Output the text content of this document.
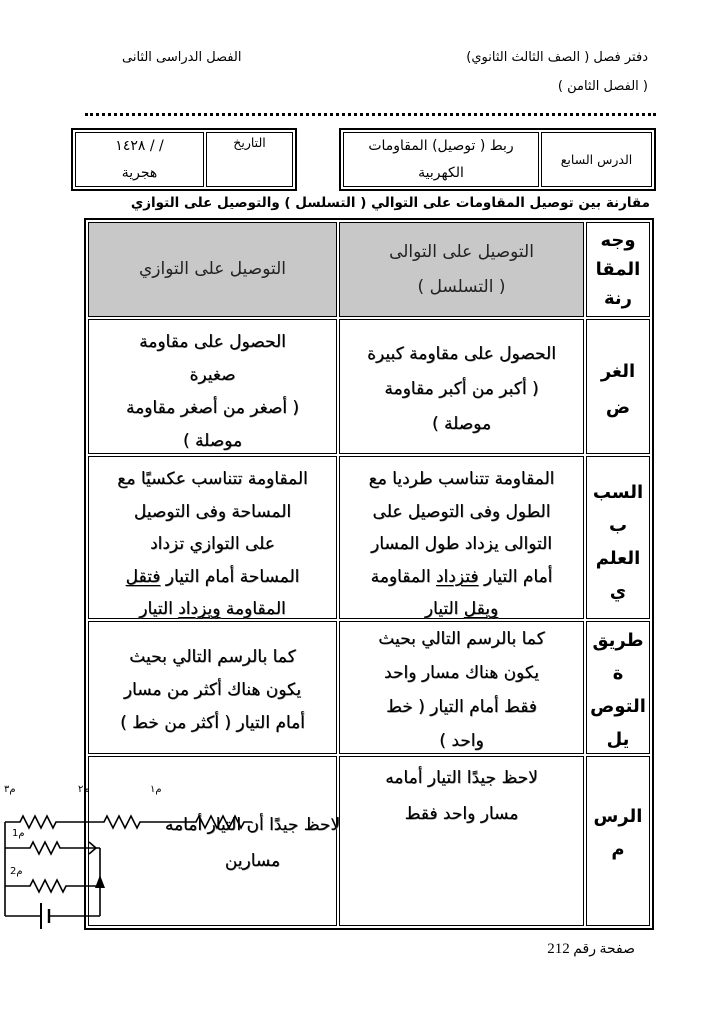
دفتر فصل ( الصف الثالث الثانوي)
الفصل الدراسى الثانى
( الفصل الثامن )
الدرس السابع
ربط ( توصيل) المقاومات
الكهربية
التاريخ
/ / ١٤٢٨
هجرية
مقارنة بين توصيل المقاومات على التوالي ( التسلسل ) والتوصيل على التوازي
وجه
المقا
رنة
التوصيل على التوالى
( التسلسل )
التوصيل على التوازي
الغر
ض
الحصول على مقاومة كبيرة
( أكبر من أكبر مقاومة
موصلة )
الحصول على مقاومة
صغيرة
( أصغر من أصغر مقاومة
موصلة )
السب
ب
العلم
ي
المقاومة تتناسب طرديا مع
الطول وفى التوصيل على
التوالى يزداد طول المسار
أمام التيار فتزداد المقاومة
ويقل التيار
المقاومة تتناسب عكسيًا مع
المساحة وفى التوصيل
على التوازي تزداد
المساحة أمام التيار فتقل
المقاومة ويزداد التيار
طريق
ة
التوص
يل
كما بالرسم التالي بحيث
يكون هناك مسار واحد
فقط أمام التيار ( خط
واحد )
كما بالرسم التالي بحيث
يكون هناك أكثر من مسار
أمام التيار ( أكثر من خط )
الرس
م
لاحظ جيدًا التيار أمامه
مسار واحد فقط
لاحظ جيدًا أن التيار أمامه
مسارين
م٣	م٢	م١
م1
م2
صفحة رقم 212
